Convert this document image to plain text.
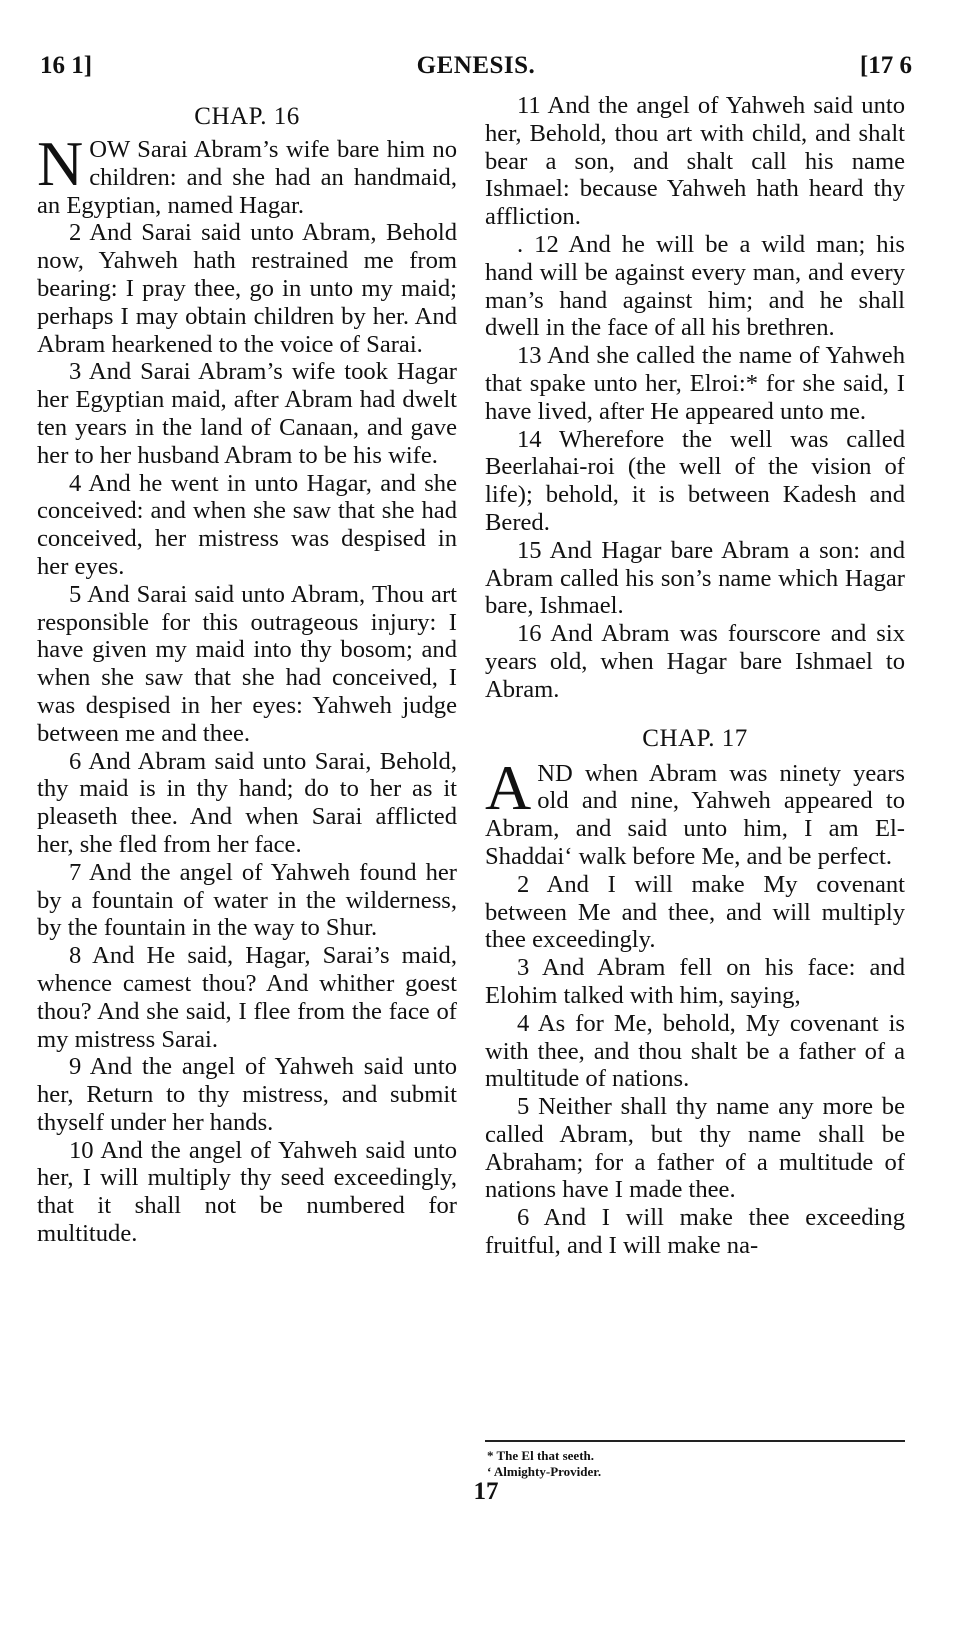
16 1]	GENESIS.	[17 6
CHAP. 16

NOW Sarai Abram’s wife bare him no children: and she had an handmaid, an Egyptian, named Hagar.

2 And Sarai said unto Abram, Behold now, Yahweh hath restrained me from bearing: I pray thee, go in unto my maid; perhaps I may obtain children by her. And Abram hearkened to the voice of Sarai.

3 And Sarai Abram’s wife took Hagar her Egyptian maid, after Abram had dwelt ten years in the land of Canaan, and gave her to her husband Abram to be his wife.

4 And he went in unto Hagar, and she conceived: and when she saw that she had conceived, her mistress was despised in her eyes.

5 And Sarai said unto Abram, Thou art responsible for this outrageous injury: I have given my maid into thy bosom; and when she saw that she had conceived, I was despised in her eyes: Yahweh judge between me and thee.

6 And Abram said unto Sarai, Behold, thy maid is in thy hand; do to her as it pleaseth thee. And when Sarai afflicted her, she fled from her face.

7 And the angel of Yahweh found her by a fountain of water in the wilderness, by the fountain in the way to Shur.

8 And He said, Hagar, Sarai’s maid, whence camest thou? And whither goest thou? And she said, I flee from the face of my mistress Sarai.

9 And the angel of Yahweh said unto her, Return to thy mistress, and submit thyself under her hands.

10 And the angel of Yahweh said unto her, I will multiply thy seed exceedingly, that it shall not be numbered for multitude.

11 And the angel of Yahweh said unto her, Behold, thou art with child, and shalt bear a son, and shalt call his name Ishmael: because Yahweh hath heard thy affliction.

. 12 And he will be a wild man; his hand will be against every man, and every man’s hand against him; and he shall dwell in the face of all his brethren.

13 And she called the name of Yahweh that spake unto her, Elroi:* for she said, I have lived, after He appeared unto me.

14 Wherefore the well was called Beerlahai-roi (the well of the vision of life); behold, it is between Kadesh and Bered.

15 And Hagar bare Abram a son: and Abram called his son’s name which Hagar bare, Ishmael.

16 And Abram was fourscore and six years old, when Hagar bare Ishmael to Abram.

CHAP. 17

AND when Abram was ninety years old and nine, Yahweh appeared to Abram, and said unto him, I am El-Shaddai‘ walk before Me, and be perfect.

2 And I will make My covenant between Me and thee, and will multiply thee exceedingly.

3 And Abram fell on his face: and Elohim talked with him, saying,

4 As for Me, behold, My covenant is with thee, and thou shalt be a father of a multitude of nations.

5 Neither shall thy name any more be called Abram, but thy name shall be Abraham; for a father of a multitude of nations have I made thee.

6 And I will make thee exceeding fruitful, and I will make na-

* The El that seeth.
‘ Almighty-Provider.
17
